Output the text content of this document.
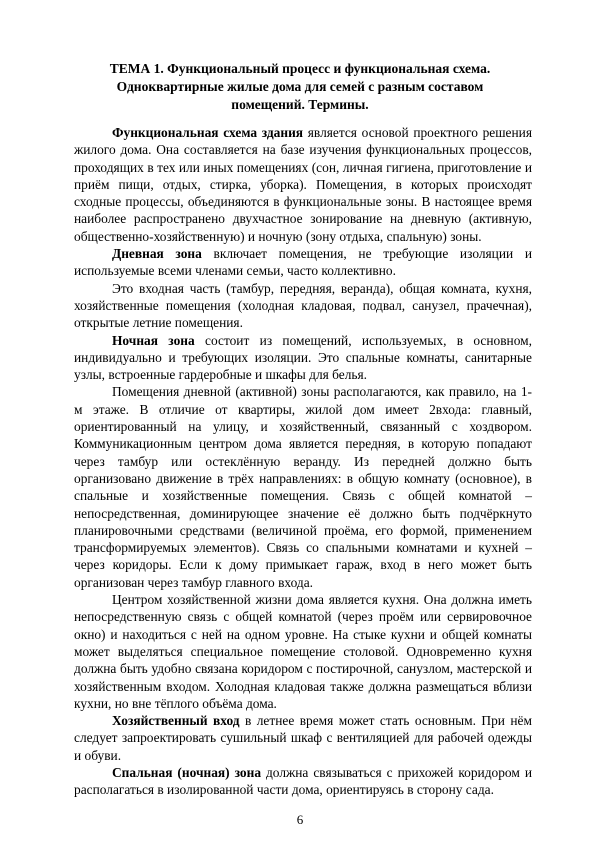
ТЕМА 1. Функциональный процесс и функциональная схема. Одноквартирные жилые дома для семей с разным составом помещений. Термины.

Функциональная схема здания является основой проектного решения жилого дома. Она составляется на базе изучения функциональных процессов, проходящих в тех или иных помещениях (сон, личная гигиена, приготовление и приём пищи, отдых, стирка, уборка). Помещения, в которых происходят сходные процессы, объединяются в функциональные зоны. В настоящее время наиболее распространено двухчастное зонирование на дневную (активную, общественно-хозяйственную) и ночную (зону отдыха, спальную) зоны.

Дневная зона включает помещения, не требующие изоляции и используемые всеми членами семьи, часто коллективно.

Это входная часть (тамбур, передняя, веранда), общая комната, кухня, хозяйственные помещения (холодная кладовая, подвал, санузел, прачечная), открытые летние помещения.

Ночная зона состоит из помещений, используемых, в основном, индивидуально и требующих изоляции. Это спальные комнаты, санитарные узлы, встроенные гардеробные и шкафы для белья.

Помещения дневной (активной) зоны располагаются, как правило, на 1-м этаже. В отличие от квартиры, жилой дом имеет 2входа: главный, ориентированный на улицу, и хозяйственный, связанный с хоздвором. Коммуникационным центром дома является передняя, в которую попадают через тамбур или остеклённую веранду. Из передней должно быть организовано движение в трёх направлениях: в общую комнату (основное), в спальные и хозяйственные помещения. Связь с общей комнатой – непосредственная, доминирующее значение её должно быть подчёркнуто планировочными средствами (величиной проёма, его формой, применением трансформируемых элементов). Связь со спальными комнатами и кухней –через коридоры. Если к дому примыкает гараж, вход в него может быть организован через тамбур главного входа.

Центром хозяйственной жизни дома является кухня. Она должна иметь непосредственную связь с общей комнатой (через проём или сервировочное окно) и находиться с ней на одном уровне. На стыке кухни и общей комнаты может выделяться специальное помещение столовой. Одновременно кухня должна быть удобно связана коридором с постирочной, санузлом, мастерской и хозяйственным входом. Холодная кладовая также должна размещаться вблизи кухни, но вне тёплого объёма дома.

Хозяйственный вход в летнее время может стать основным. При нём следует запроектировать сушильный шкаф с вентиляцией для рабочей одежды и обуви.

Спальная (ночная) зона должна связываться с прихожей коридором и располагаться в изолированной части дома, ориентируясь в сторону сада.

6
